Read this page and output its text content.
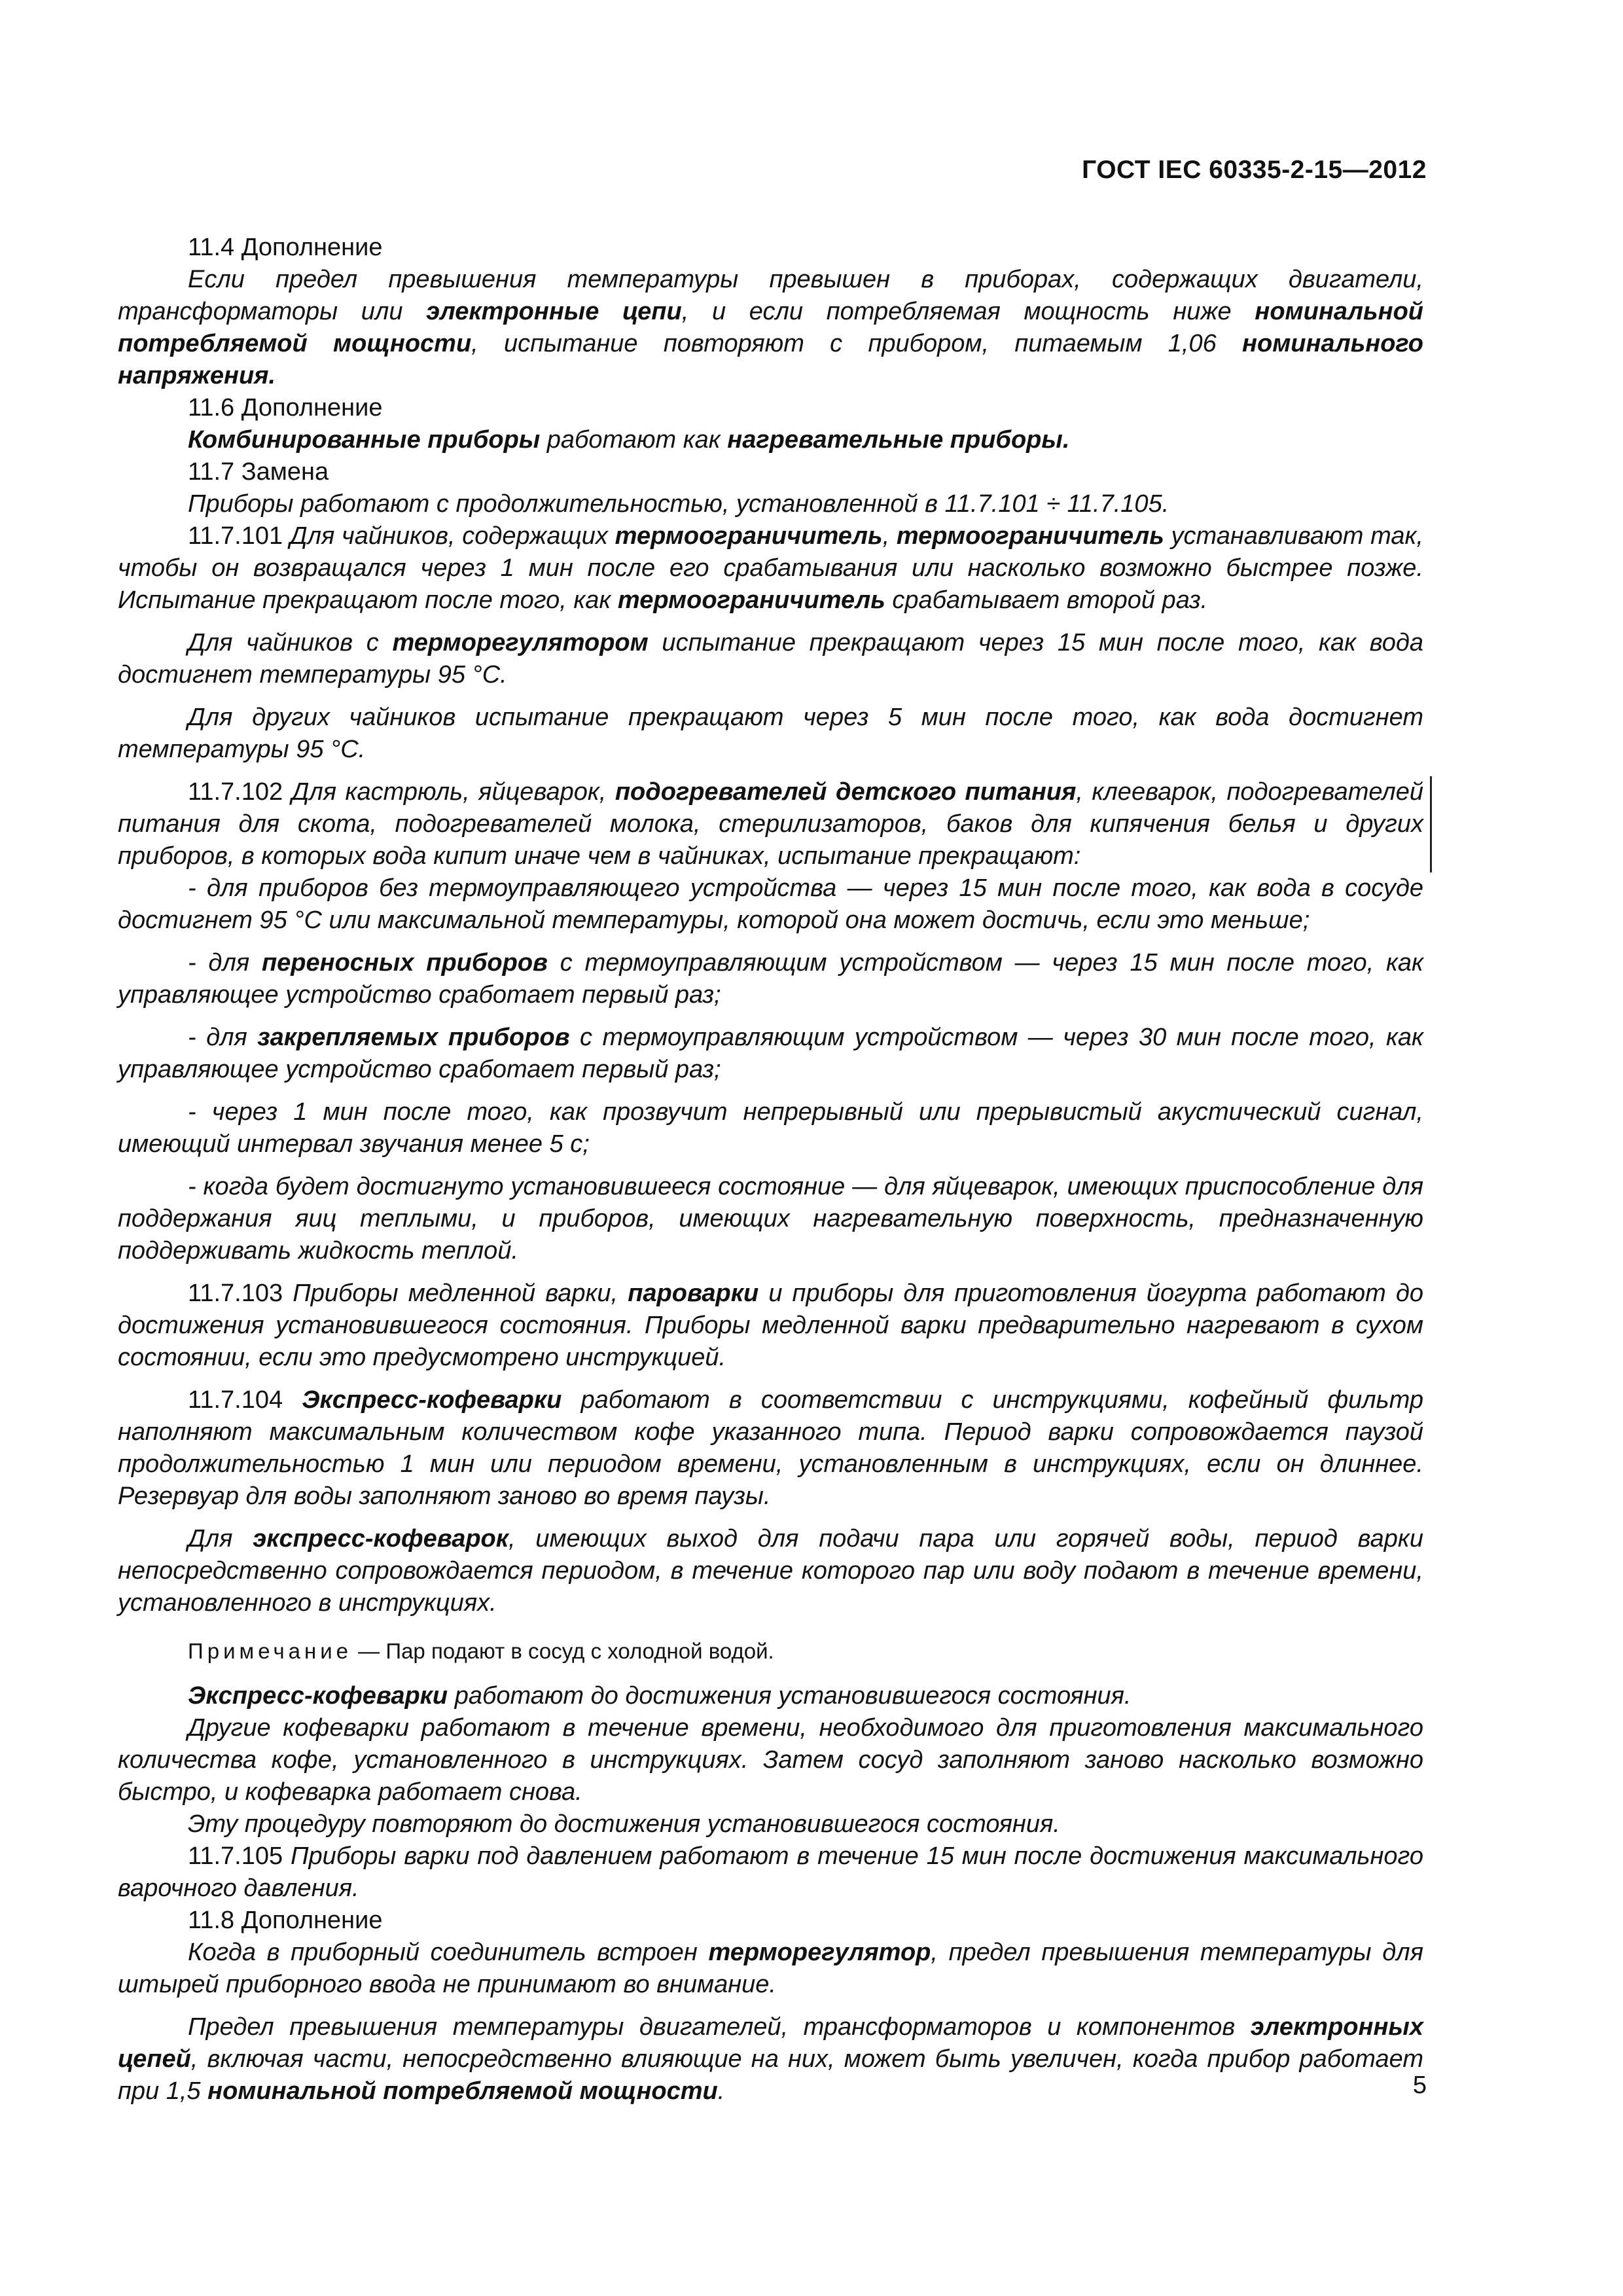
ГОСТ IEC 60335-2-15—2012

11.4 Дополнение

Если предел превышения температуры превышен в приборах, содержащих двигатели, трансформаторы или электронные цепи, и если потребляемая мощность ниже номинальной потребляемой мощности, испытание повторяют с прибором, питаемым 1,06 номинального напряжения.

11.6 Дополнение

Комбинированные приборы работают как нагревательные приборы.

11.7 Замена

Приборы работают с продолжительностью, установленной в 11.7.101 ÷ 11.7.105.

11.7.101 Для чайников, содержащих термоограничитель, термоограничитель устанавливают так, чтобы он возвращался через 1 мин после его срабатывания или насколько возможно быстрее позже. Испытание прекращают после того, как термоограничитель срабатывает второй раз.

Для чайников с терморегулятором испытание прекращают через 15 мин после того, как вода достигнет температуры 95 °С.

Для других чайников испытание прекращают через 5 мин после того, как вода достигнет температуры 95 °С.

11.7.102 Для кастрюль, яйцеварок, подогревателей детского питания, клееварок, подогревателей питания для скота, подогревателей молока, стерилизаторов, баков для кипячения белья и других приборов, в которых вода кипит иначе чем в чайниках, испытание прекращают:

- для приборов без термоуправляющего устройства — через 15 мин после того, как вода в сосуде достигнет 95 °С или максимальной температуры, которой она может достичь, если это меньше;

- для переносных приборов с термоуправляющим устройством — через 15 мин после того, как управляющее устройство сработает первый раз;

- для закрепляемых приборов с термоуправляющим устройством — через 30 мин после того, как управляющее устройство сработает первый раз;

- через 1 мин после того, как прозвучит непрерывный или прерывистый акустический сигнал, имеющий интервал звучания менее 5 с;

- когда будет достигнуто установившееся состояние — для яйцеварок, имеющих приспособление для поддержания яиц теплыми, и приборов, имеющих нагревательную поверхность, предназначенную поддерживать жидкость теплой.

11.7.103 Приборы медленной варки, пароварки и приборы для приготовления йогурта работают до достижения установившегося состояния. Приборы медленной варки предварительно нагревают в сухом состоянии, если это предусмотрено инструкцией.

11.7.104 Экспресс-кофеварки работают в соответствии с инструкциями, кофейный фильтр наполняют максимальным количеством кофе указанного типа. Период варки сопровождается паузой продолжительностью 1 мин или периодом времени, установленным в инструкциях, если он длиннее. Резервуар для воды заполняют заново во время паузы.

Для экспресс-кофеварок, имеющих выход для подачи пара или горячей воды, период варки непосредственно сопровождается периодом, в течение которого пар или воду подают в течение времени, установленного в инструкциях.

Примечание — Пар подают в сосуд с холодной водой.

Экспресс-кофеварки работают до достижения установившегося состояния.

Другие кофеварки работают в течение времени, необходимого для приготовления максимального количества кофе, установленного в инструкциях. Затем сосуд заполняют заново насколько возможно быстро, и кофеварка работает снова.

Эту процедуру повторяют до достижения установившегося состояния.

11.7.105 Приборы варки под давлением работают в течение 15 мин после достижения максимального варочного давления.

11.8 Дополнение

Когда в приборный соединитель встроен терморегулятор, предел превышения температуры для штырей приборного ввода не принимают во внимание.

Предел превышения температуры двигателей, трансформаторов и компонентов электронных цепей, включая части, непосредственно влияющие на них, может быть увеличен, когда прибор работает при 1,5 номинальной потребляемой мощности.	5
